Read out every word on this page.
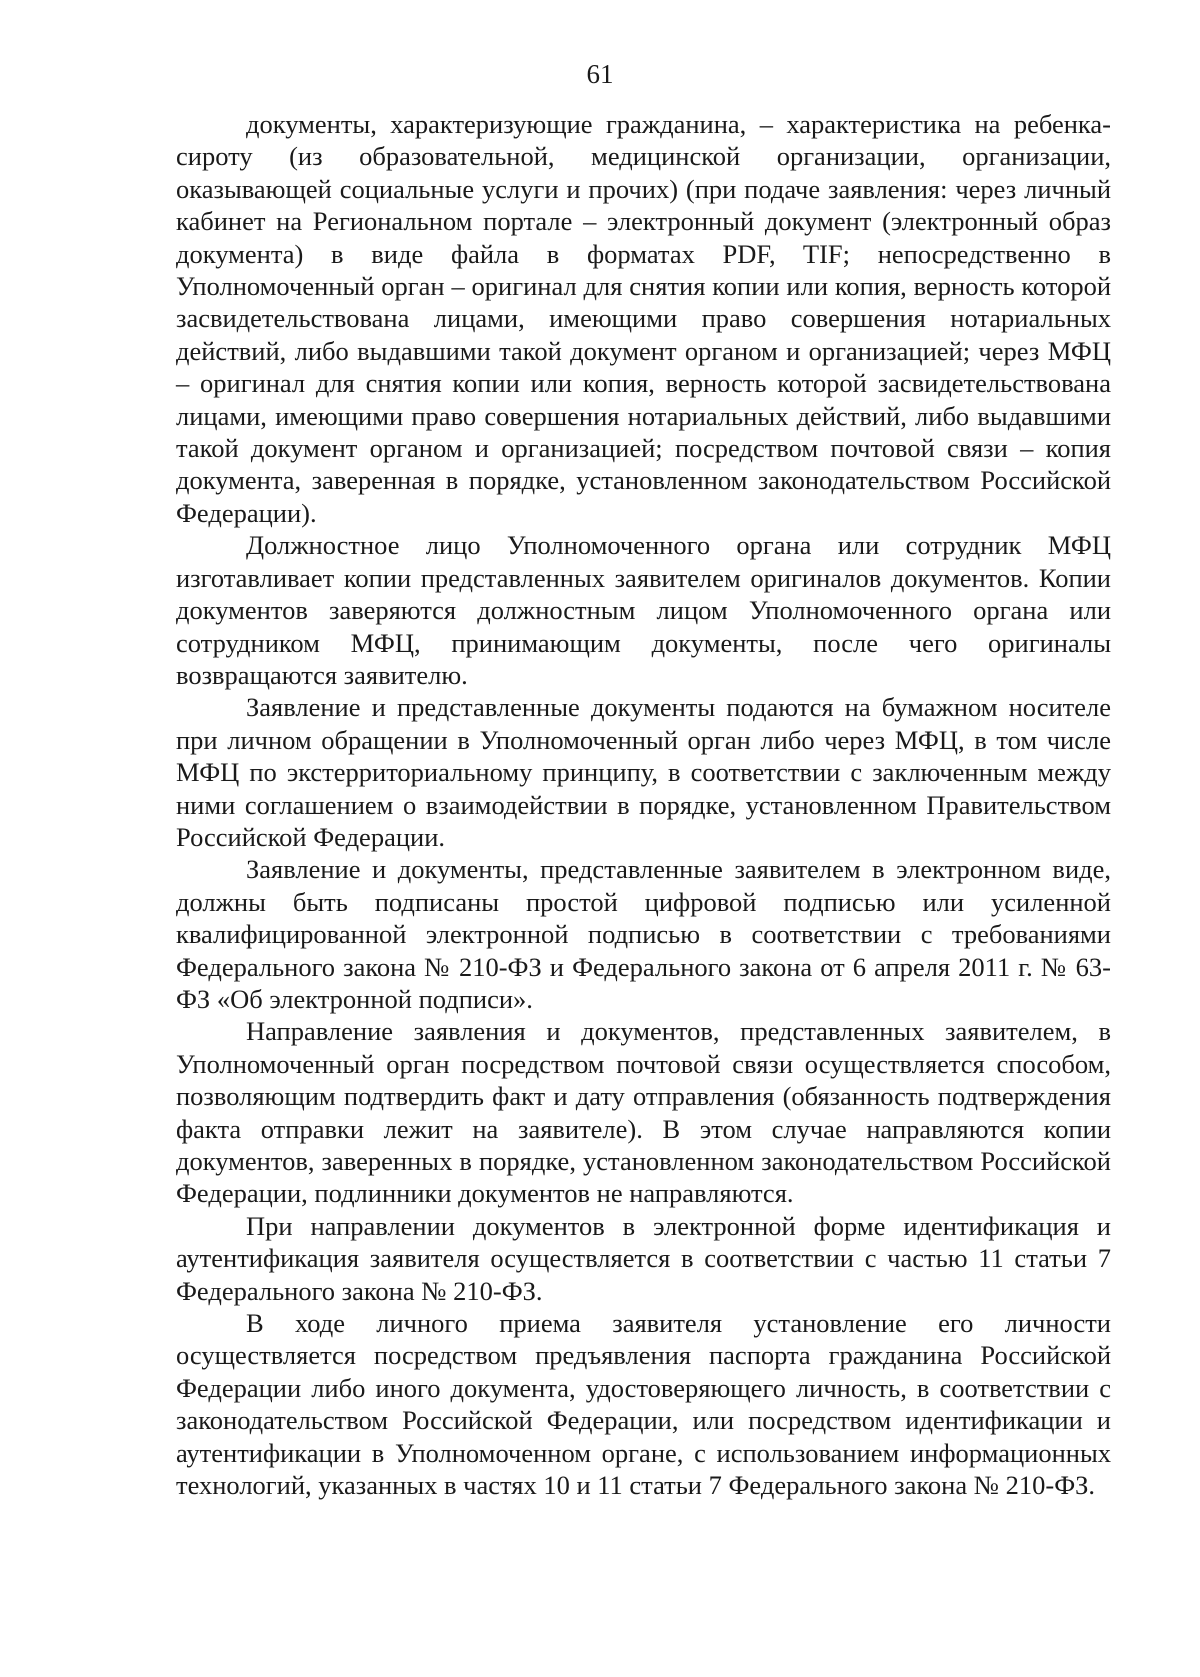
61

документы, характеризующие гражданина, – характеристика на ребенка-сироту (из образовательной, медицинской организации, организации, оказывающей социальные услуги и прочих) (при подаче заявления: через личный кабинет на Региональном портале – электронный документ (электронный образ документа) в виде файла в форматах PDF, TIF; непосредственно в Уполномоченный орган – оригинал для снятия копии или копия, верность которой засвидетельствована лицами, имеющими право совершения нотариальных действий, либо выдавшими такой документ органом и организацией; через МФЦ – оригинал для снятия копии или копия, верность которой засвидетельствована лицами, имеющими право совершения нотариальных действий, либо выдавшими такой документ органом и организацией; посредством почтовой связи – копия документа, заверенная в порядке, установленном законодательством Российской Федерации).

Должностное лицо Уполномоченного органа или сотрудник МФЦ изготавливает копии представленных заявителем оригиналов документов. Копии документов заверяются должностным лицом Уполномоченного органа или сотрудником МФЦ, принимающим документы, после чего оригиналы возвращаются заявителю.

Заявление и представленные документы подаются на бумажном носителе при личном обращении в Уполномоченный орган либо через МФЦ, в том числе МФЦ по экстерриториальному принципу, в соответствии с заключенным между ними соглашением о взаимодействии в порядке, установленном Правительством Российской Федерации.

Заявление и документы, представленные заявителем в электронном виде, должны быть подписаны простой цифровой подписью или усиленной квалифицированной электронной подписью в соответствии с требованиями Федерального закона № 210-ФЗ и Федерального закона от 6 апреля 2011 г. № 63-ФЗ «Об электронной подписи».

Направление заявления и документов, представленных заявителем, в Уполномоченный орган посредством почтовой связи осуществляется способом, позволяющим подтвердить факт и дату отправления (обязанность подтверждения факта отправки лежит на заявителе). В этом случае направляются копии документов, заверенных в порядке, установленном законодательством Российской Федерации, подлинники документов не направляются.

При направлении документов в электронной форме идентификация и аутентификация заявителя осуществляется в соответствии с частью 11 статьи 7 Федерального закона № 210-ФЗ.

В ходе личного приема заявителя установление его личности осуществляется посредством предъявления паспорта гражданина Российской Федерации либо иного документа, удостоверяющего личность, в соответствии с законодательством Российской Федерации, или посредством идентификации и аутентификации в Уполномоченном органе, с использованием информационных технологий, указанных в частях 10 и 11 статьи 7 Федерального закона № 210-ФЗ.
